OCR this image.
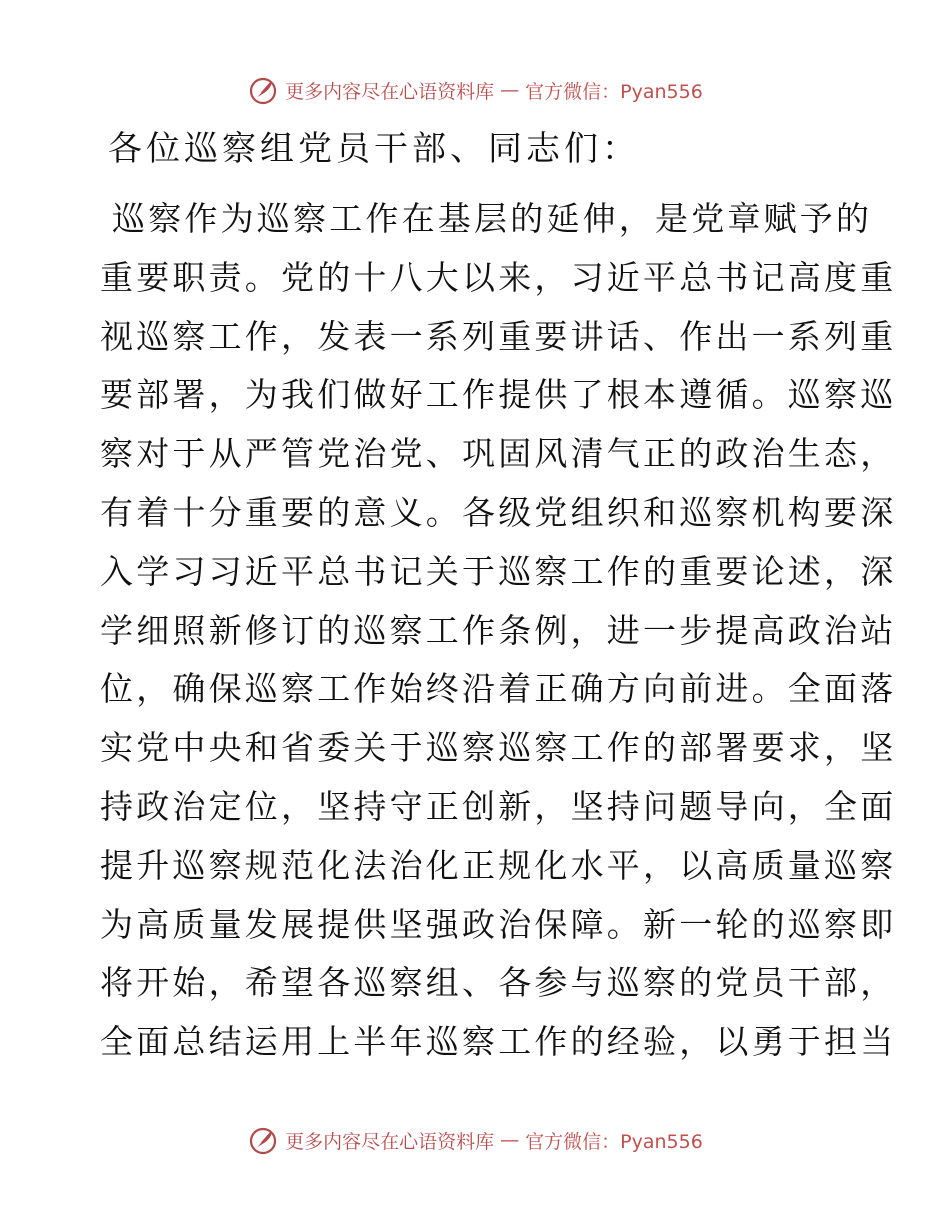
更多内容尽在心语资料库 — 官方微信：Pyan556
各位巡察组党员干部、同志们：
巡察作为巡察工作在基层的延伸，是党章赋予的
重要职责。党的十八大以来，习近平总书记高度重
视巡察工作，发表一系列重要讲话、作出一系列重
要部署，为我们做好工作提供了根本遵循。巡察巡
察对于从严管党治党、巩固风清气正的政治生态，
有着十分重要的意义。各级党组织和巡察机构要深
入学习习近平总书记关于巡察工作的重要论述，深
学细照新修订的巡察工作条例，进一步提高政治站
位，确保巡察工作始终沿着正确方向前进。全面落
实党中央和省委关于巡察巡察工作的部署要求，坚
持政治定位，坚持守正创新，坚持问题导向，全面
提升巡察规范化法治化正规化水平，以高质量巡察
为高质量发展提供坚强政治保障。新一轮的巡察即
将开始，希望各巡察组、各参与巡察的党员干部，
全面总结运用上半年巡察工作的经验，以勇于担当
更多内容尽在心语资料库 — 官方微信：Pyan556
